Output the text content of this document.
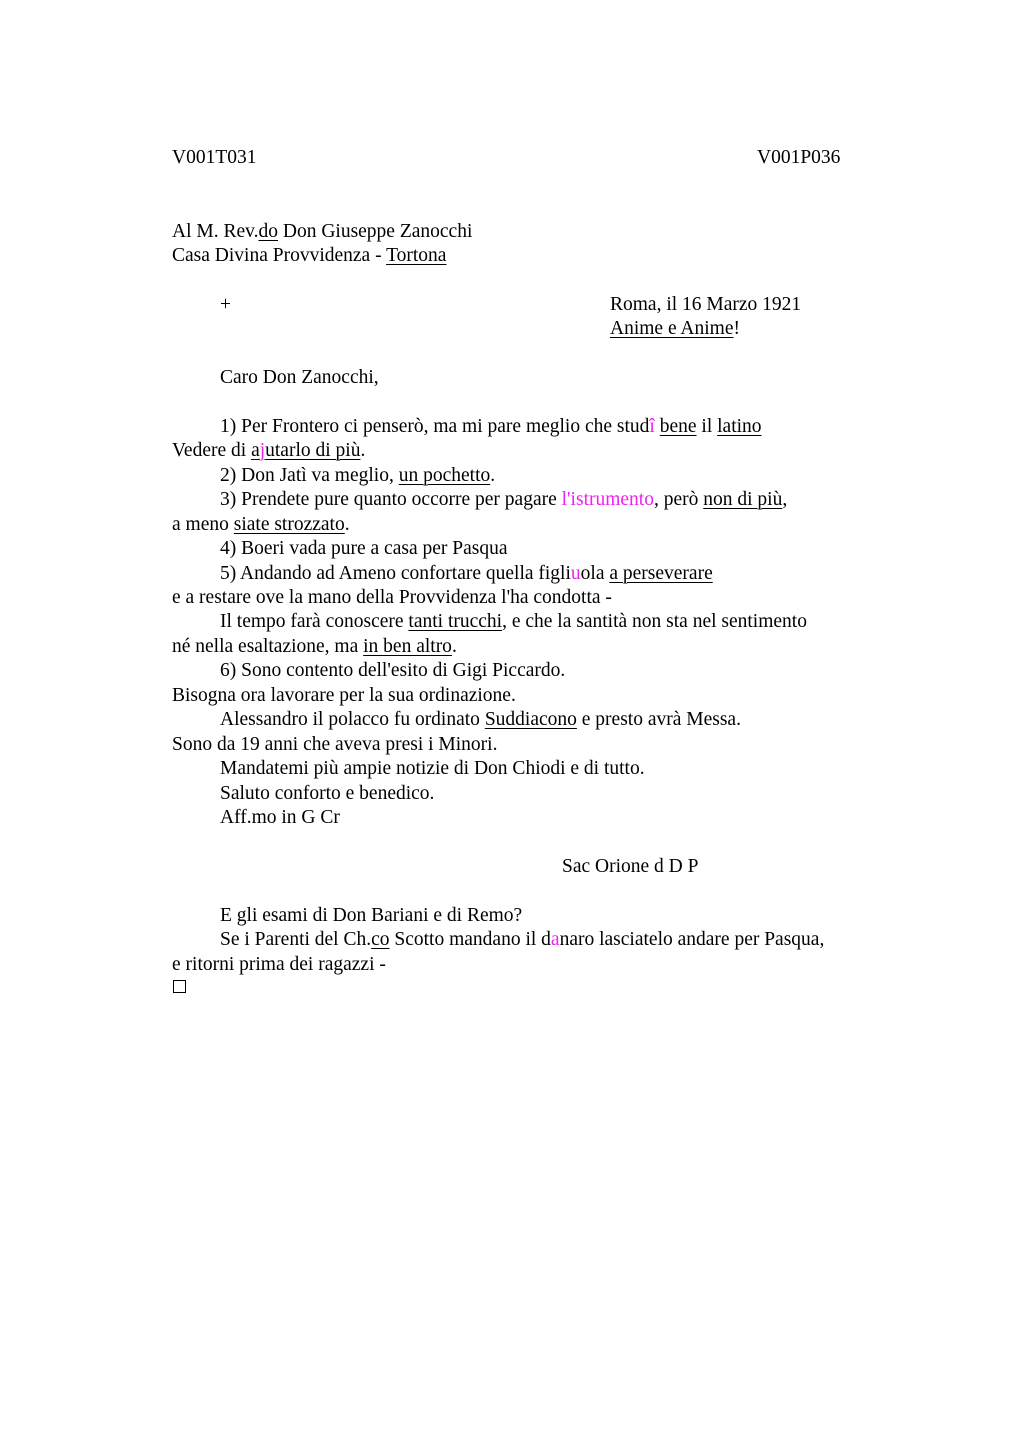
V001T031	V001P036
Al M. Rev.do Don Giuseppe Zanocchi
Casa Divina Provvidenza - Tortona
+	Roma, il 16 Marzo 1921
Anime e Anime!
Caro Don Zanocchi,
1) Per Frontero ci penserò, ma mi pare meglio che studî bene il latino
Vedere di ajutarlo di più.
2) Don Jatì va meglio, un pochetto.
3) Prendete pure quanto occorre per pagare l'istrumento, però non di più,
a meno siate strozzato.
4) Boeri vada pure a casa per Pasqua
5) Andando ad Ameno confortare quella figliuola a perseverare
e a restare ove la mano della Provvidenza l'ha condotta -
Il tempo farà conoscere tanti trucchi, e che la santità non sta nel sentimento
né nella esaltazione, ma in ben altro.
6) Sono contento dell'esito di Gigi Piccardo.
Bisogna ora lavorare per la sua ordinazione.
Alessandro il polacco fu ordinato Suddiacono e presto avrà Messa.
Sono da 19 anni che aveva presi i Minori.
Mandatemi più ampie notizie di Don Chiodi e di tutto.
Saluto conforto e benedico.
Aff.mo in G Cr
Sac Orione d D P
E gli esami di Don Bariani e di Remo?
Se i Parenti del Ch.co Scotto mandano il danaro lasciatelo andare per Pasqua,
e ritorni prima dei ragazzi -
